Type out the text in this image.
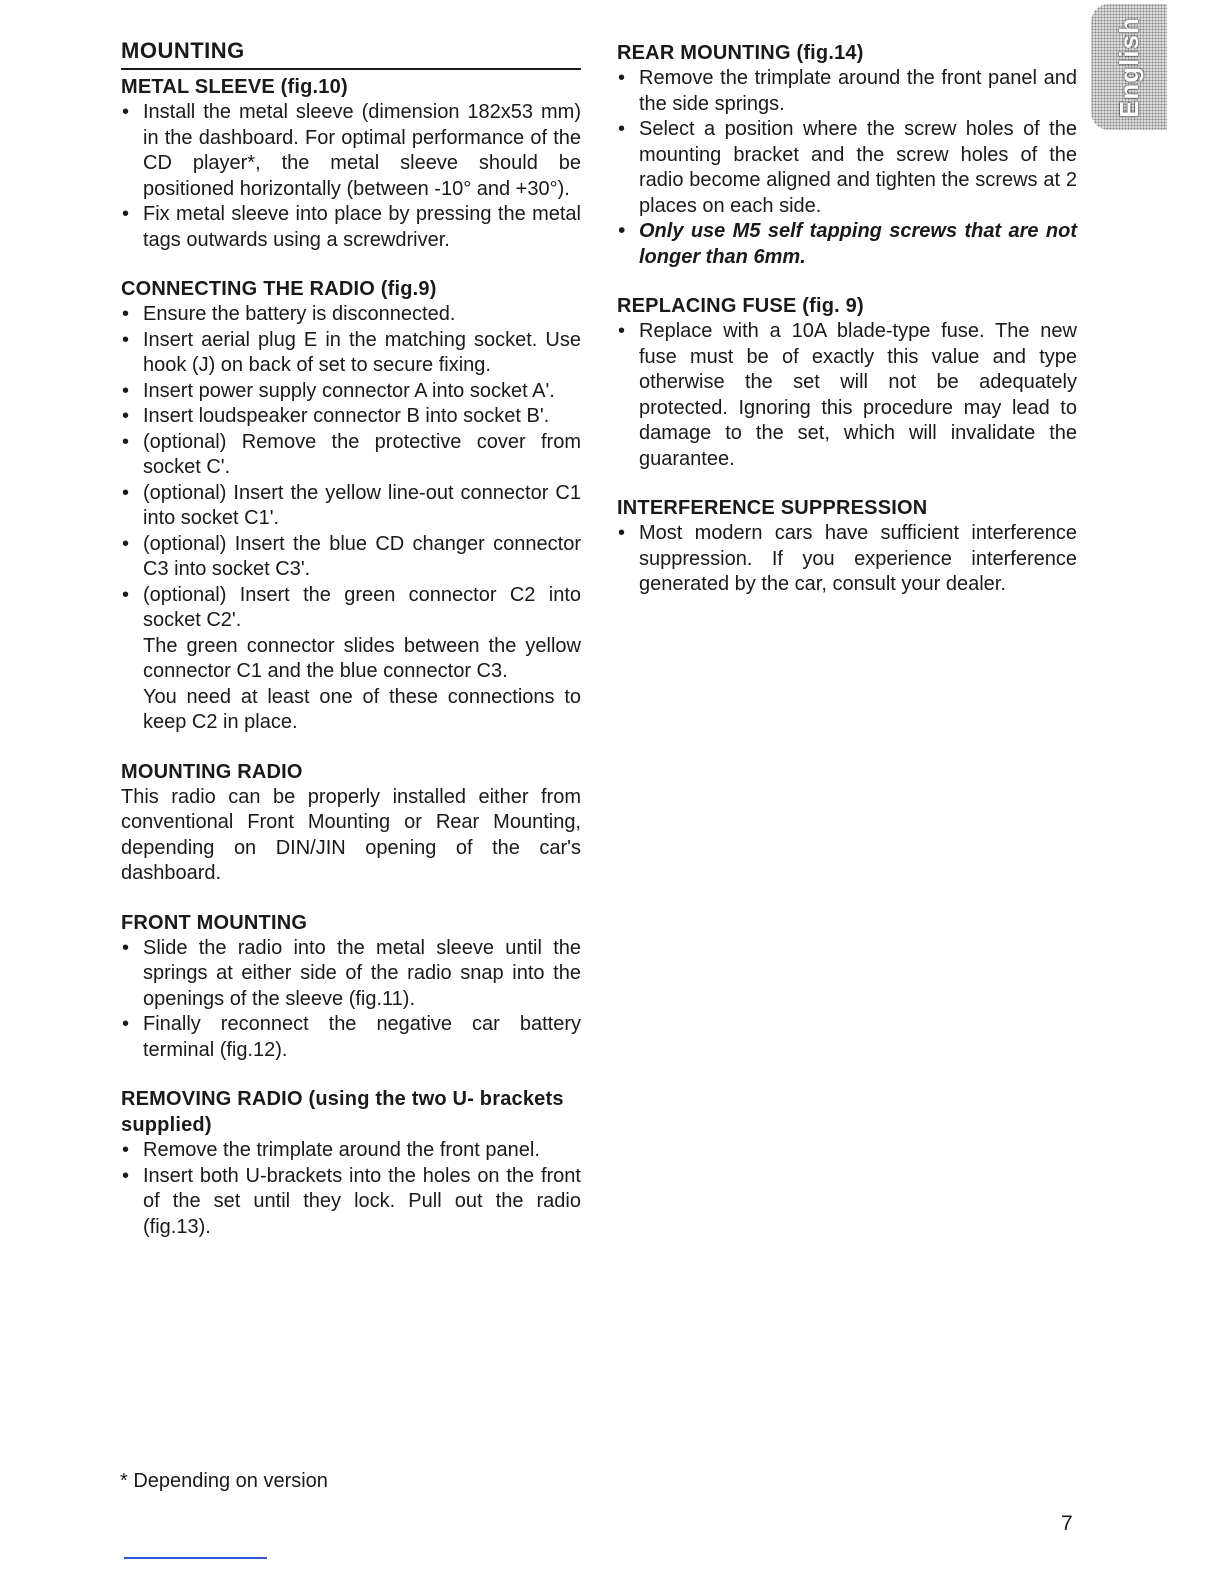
English
MOUNTING
METAL SLEEVE (fig.10)
• Install the metal sleeve (dimension 182x53 mm) in the dashboard. For optimal performance of the CD player*, the metal sleeve should be positioned horizontally (between -10° and +30°).
• Fix metal sleeve into place by pressing the metal tags outwards using a screwdriver.
CONNECTING THE RADIO (fig.9)
• Ensure the battery is disconnected.
• Insert aerial plug E in the matching socket. Use hook (J) on back of set to secure fixing.
• Insert power supply connector A into socket A'.
• Insert loudspeaker connector B into socket B'.
• (optional) Remove the protective cover from socket C'.
• (optional) Insert the yellow line-out connector C1 into socket C1'.
• (optional) Insert the blue CD changer connector C3 into socket C3'.
• (optional) Insert the green connector C2 into socket C2'.
The green connector slides between the yellow connector C1 and the blue connector C3.
You need at least one of these connections to keep C2 in place.
MOUNTING RADIO

This radio can be properly installed either from conventional Front Mounting or Rear Mounting, depending on DIN/JIN opening of the car's dashboard.

FRONT MOUNTING
• Slide the radio into the metal sleeve until the springs at either side of the radio snap into the openings of the sleeve (fig.11).
• Finally reconnect the negative car battery terminal (fig.12).
REMOVING RADIO (using the two U- brackets supplied)
• Remove the trimplate around the front panel.
• Insert both U-brackets into the holes on the front of the set until they lock. Pull out the radio (fig.13).
REAR MOUNTING (fig.14)
• Remove the trimplate around the front panel and the side springs.
• Select a position where the screw holes of the mounting bracket and the screw holes of the radio become aligned and tighten the screws at 2 places on each side.
• Only use M5 self tapping screws that are not longer than 6mm.
REPLACING FUSE (fig. 9)
• Replace with a 10A blade-type fuse. The new fuse must be of exactly this value and type otherwise the set will not be adequately protected. Ignoring this procedure may lead to damage to the set, which will invalidate the guarantee.
INTERFERENCE SUPPRESSION
• Most modern cars have sufficient interference suppression. If you experience interference generated by the car, consult your dealer.
* Depending on version
7
